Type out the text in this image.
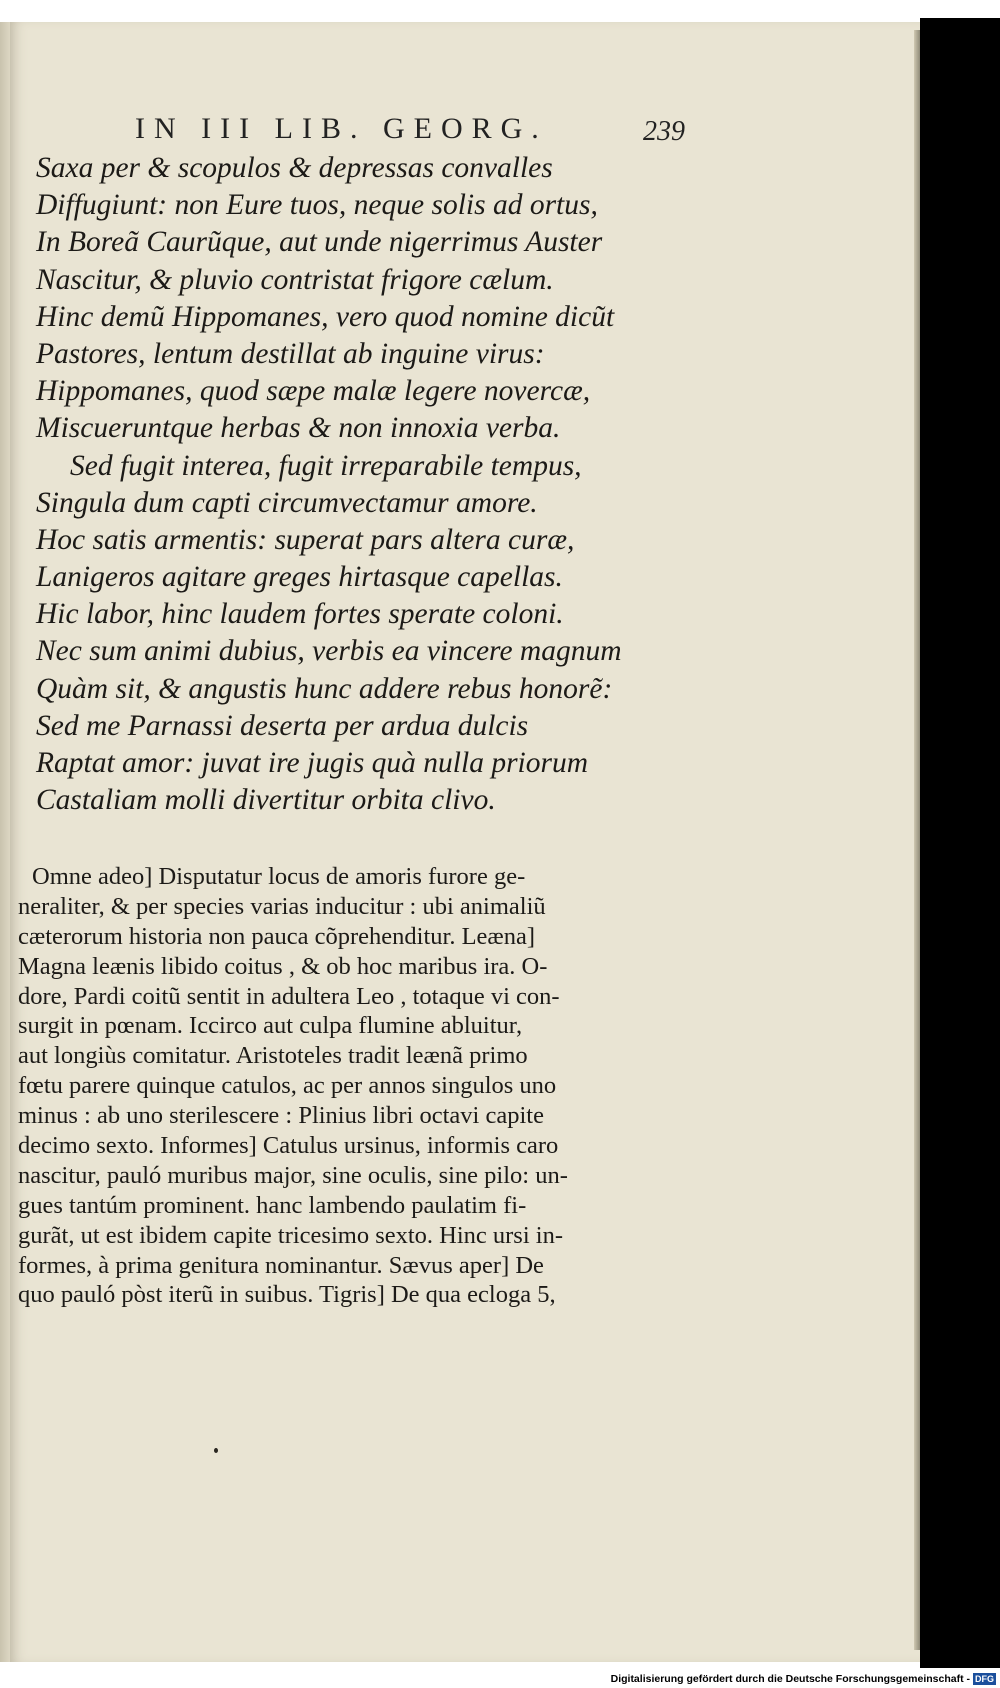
IN III LIB. GEORG.	239
Saxa per & scopulos & depressas convalles
Diffugiunt: non Eure tuos, neque solis ad ortus,
In Boreã Caurũque, aut unde nigerrimus Auster
Nascitur, & pluvio contristat frigore cælum.
Hinc demũ Hippomanes, vero quod nomine dicũt
Pastores, lentum destillat ab inguine virus:
Hippomanes, quod sæpe malæ legere novercæ,
Miscueruntque herbas & non innoxia verba.
Sed fugit interea, fugit irreparabile tempus,
Singula dum capti circumvectamur amore.
Hoc satis armentis: superat pars altera curæ,
Lanigeros agitare greges hirtasque capellas.
Hic labor, hinc laudem fortes sperate coloni.
Nec sum animi dubius, verbis ea vincere magnum
Quàm sit, & angustis hunc addere rebus honorẽ:
Sed me Parnassi deserta per ardua dulcis
Raptat amor: juvat ire jugis quà nulla priorum
Castaliam molli divertitur orbita clivo.
Omne adeo] Disputatur locus de amoris furore ge-
neraliter, & per species varias inducitur : ubi animaliũ
cæterorum historia non pauca cõprehenditur. Leæna]
Magna leænis libido coitus , & ob hoc maribus ira. O-
dore, Pardi coitũ sentit in adultera Leo , totaque vi con-
surgit in pœnam. Iccirco aut culpa flumine abluitur,
aut longiùs comitatur. Aristoteles tradit leænã primo
fœtu parere quinque catulos, ac per annos singulos uno
minus : ab uno sterilescere : Plinius libri octavi capite
decimo sexto. Informes] Catulus ursinus, informis caro
nascitur, pauló muribus major, sine oculis, sine pilo: un-
gues tantúm prominent. hanc lambendo paulatim fi-
gurãt, ut est ibidem capite tricesimo sexto. Hinc ursi in-
formes, à prima genitura nominantur. Sævus aper] De
quo pauló pòst iterũ in suibus. Tigris] De qua ecloga 5,
Digitalisierung gefördert durch die Deutsche Forschungsgemeinschaft - DFG
